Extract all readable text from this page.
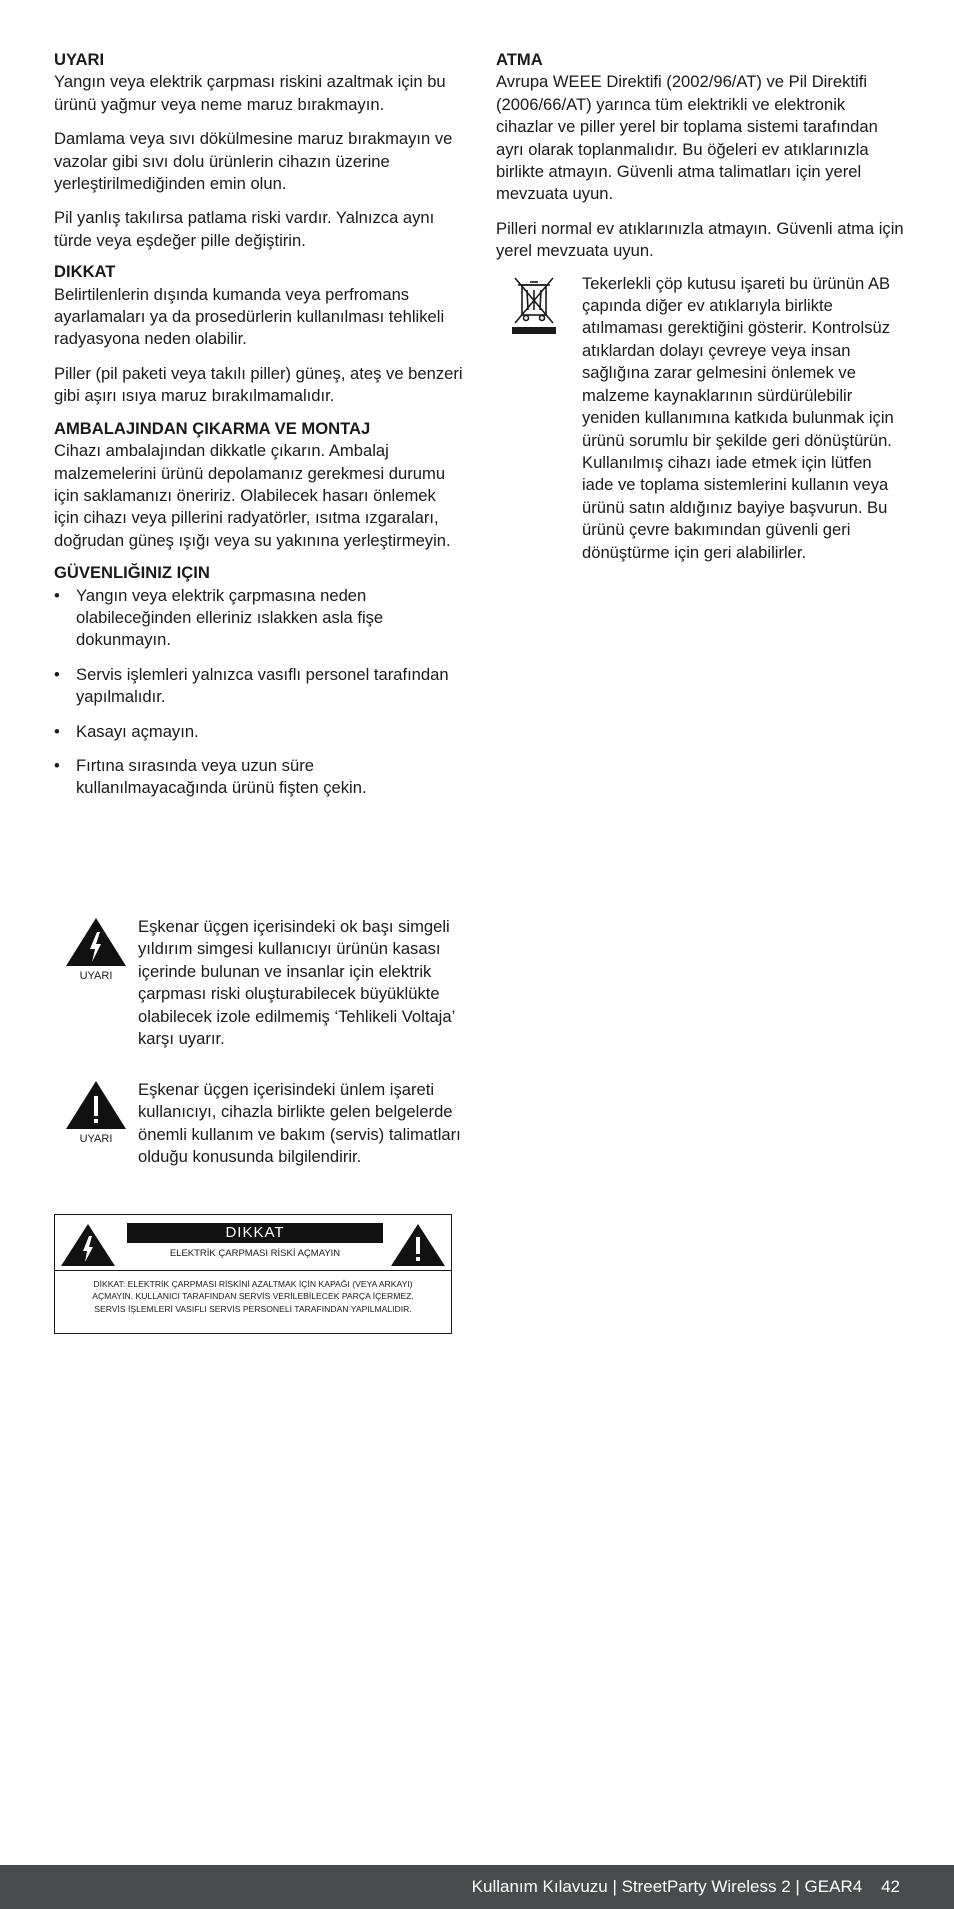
UYARI

Yangın veya elektrik çarpması riskini azaltmak için bu ürünü yağmur veya neme maruz bırakmayın.

Damlama veya sıvı dökülmesine maruz bırakmayın ve vazolar gibi sıvı dolu ürünlerin cihazın üzerine yerleştirilmediğinden emin olun.

Pil yanlış takılırsa patlama riski vardır. Yalnızca aynı türde veya eşdeğer pille değiştirin.

DIKKAT

Belirtilenlerin dışında kumanda veya perfromans ayarlamaları ya da prosedürlerin kullanılması tehlikeli radyasyona neden olabilir.

Piller (pil paketi veya takılı piller) güneş, ateş ve benzeri gibi aşırı ısıya maruz bırakılmamalıdır.

AMBALAJINDAN ÇIKARMA VE MONTAJ

Cihazı ambalajından dikkatle çıkarın. Ambalaj malzemelerini ürünü depolamanız gerekmesi durumu için saklamanızı öneririz. Olabilecek hasarı önlemek için cihazı veya pillerini radyatörler, ısıtma ızgaraları, doğrudan güneş ışığı veya su yakınına yerleştirmeyin.

GÜVENLIĞINIZ IÇIN
• Yangın veya elektrik çarpmasına neden olabileceğinden elleriniz ıslakken asla fişe dokunmayın.
• Servis işlemleri yalnızca vasıflı personel tarafından yapılmalıdır.
• Kasayı açmayın.
• Fırtına sırasında veya uzun süre kullanılmayacağında ürünü fişten çekin.
ATMA

Avrupa WEEE Direktifi (2002/96/AT) ve Pil Direktifi (2006/66/AT) yarınca tüm elektrikli ve elektronik cihazlar ve piller yerel bir toplama sistemi tarafından ayrı olarak toplanmalıdır. Bu öğeleri ev atıklarınızla birlikte atmayın. Güvenli atma talimatları için yerel mevzuata uyun.

Pilleri normal ev atıklarınızla atmayın. Güvenli atma için yerel mevzuata uyun.

Tekerlekli çöp kutusu işareti bu ürünün AB çapında diğer ev atıklarıyla birlikte atılmaması gerektiğini gösterir. Kontrolsüz atıklardan dolayı çevreye veya insan sağlığına zarar gelmesini önlemek ve malzeme kaynaklarının sürdürülebilir yeniden kullanımına katkıda bulunmak için ürünü sorumlu bir şekilde geri dönüştürün. Kullanılmış cihazı iade etmek için lütfen iade ve toplama sistemlerini kullanın veya ürünü satın aldığınız bayiye başvurun. Bu ürünü çevre bakımından güvenli geri dönüştürme için geri alabilirler.
UYARI
Eşkenar üçgen içerisindeki ok başı simgeli yıldırım simgesi kullanıcıyı ürünün kasası içerinde bulunan ve insanlar için elektrik çarpması riski oluşturabilecek büyüklükte olabilecek izole edilmemiş ‘Tehlikeli Voltaja’ karşı uyarır.
UYARI
Eşkenar üçgen içerisindeki ünlem işareti kullanıcıyı, cihazla birlikte gelen belgelerde önemli kullanım ve bakım (servis) talimatları olduğu konusunda bilgilendirir.
DIKKAT
ELEKTRİK ÇARPMASI RİSKİ AÇMAYIN
DİKKAT: ELEKTRİK ÇARPMASI RİSKİNİ AZALTMAK İÇİN KAPAĞI (VEYA ARKAYI)
AÇMAYIN. KULLANICI TARAFINDAN SERVİS VERİLEBİLECEK PARÇA İÇERMEZ.
SERVİS İŞLEMLERİ VASIFLI SERVİS PERSONELİ TARAFINDAN YAPILMALIDIR.
Kullanım Kılavuzu | StreetParty Wireless 2 | GEAR4    42
